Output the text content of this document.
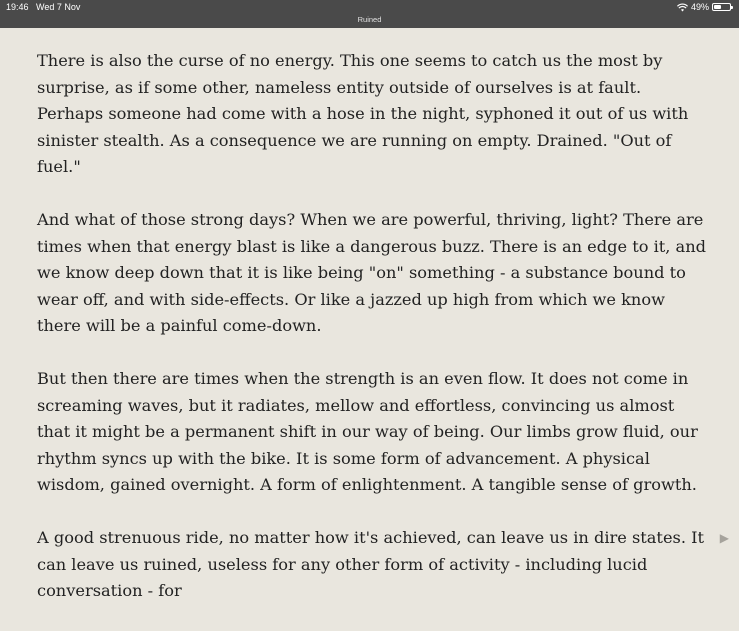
19:46 Wed 7 Nov
Ruined
49%

There is also the curse of no energy. This one seems to catch us the most by surprise, as if some other, nameless entity outside of ourselves is at fault. Perhaps someone had come with a hose in the night, syphoned it out of us with sinister stealth. As a consequence we are running on empty. Drained. "Out of fuel."

And what of those strong days? When we are powerful, thriving, light? There are times when that energy blast is like a dangerous buzz. There is an edge to it, and we know deep down that it is like being "on" something - a substance bound to wear off, and with side-effects. Or like a jazzed up high from which we know there will be a painful come-down.

But then there are times when the strength is an even flow. It does not come in screaming waves, but it radiates, mellow and effortless, convincing us almost that it might be a permanent shift in our way of being. Our limbs grow fluid, our rhythm syncs up with the bike. It is some form of advancement. A physical wisdom, gained overnight. A form of enlightenment. A tangible sense of growth.

A good strenuous ride, no matter how it's achieved, can leave us in dire states. It can leave us ruined, useless for any other form of activity - including lucid conversation - for

▶
